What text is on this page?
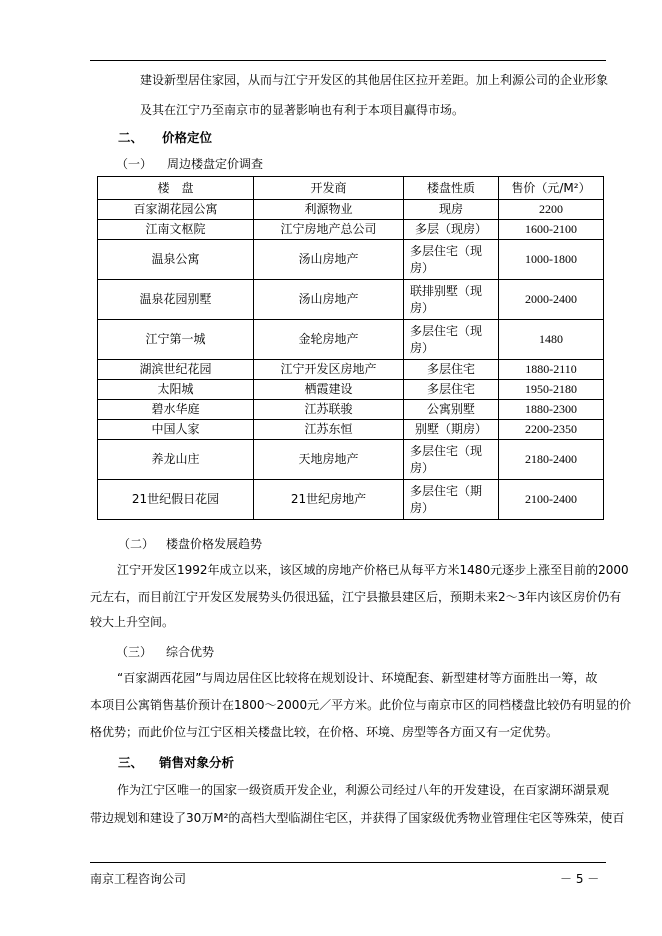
建设新型居住家园，从而与江宁开发区的其他居住区拉开差距。加上利源公司的企业形象
及其在江宁乃至南京市的显著影响也有利于本项目赢得市场。
二、 价格定位
（一） 周边楼盘定价调查
楼　盘	开发商	楼盘性质	售价（元/M²）
百家湖花园公寓	利源物业	现房	2200
江南文枢院	江宁房地产总公司	多层（现房）	1600-2100
温泉公寓	汤山房地产	多层住宅（现房）	1000-1800
温泉花园别墅	汤山房地产	联排别墅（现房）	2000-2400
江宁第一城	金轮房地产	多层住宅（现房）	1480
湖滨世纪花园	江宁开发区房地产	多层住宅	1880-2110
太阳城	栖霞建设	多层住宅	1950-2180
碧水华庭	江苏联骏	公寓别墅	1880-2300
中国人家	江苏东恒	别墅（期房）	2200-2350
养龙山庄	天地房地产	多层住宅（现房）	2180-2400
21世纪假日花园	21世纪房地产	多层住宅（期房）	2100-2400
（二） 楼盘价格发展趋势
江宁开发区1992年成立以来，该区域的房地产价格已从每平方米1480元逐步上涨至目前的2000
元左右，而目前江宁开发区发展势头仍很迅猛，江宁县撤县建区后，预期未来2～3年内该区房价仍有
较大上升空间。
（三） 综合优势
“百家湖西花园”与周边居住区比较将在规划设计、环境配套、新型建材等方面胜出一筹，故
本项目公寓销售基价预计在1800～2000元／平方米。此价位与南京市区的同档楼盘比较仍有明显的价
格优势；而此价位与江宁区相关楼盘比较，在价格、环境、房型等各方面又有一定优势。
三、 销售对象分析
作为江宁区唯一的国家一级资质开发企业，利源公司经过八年的开发建设，在百家湖环湖景观
带边规划和建设了30万M²的高档大型临湖住宅区，并获得了国家级优秀物业管理住宅区等殊荣，使百
南京工程咨询公司	－ 5 －
